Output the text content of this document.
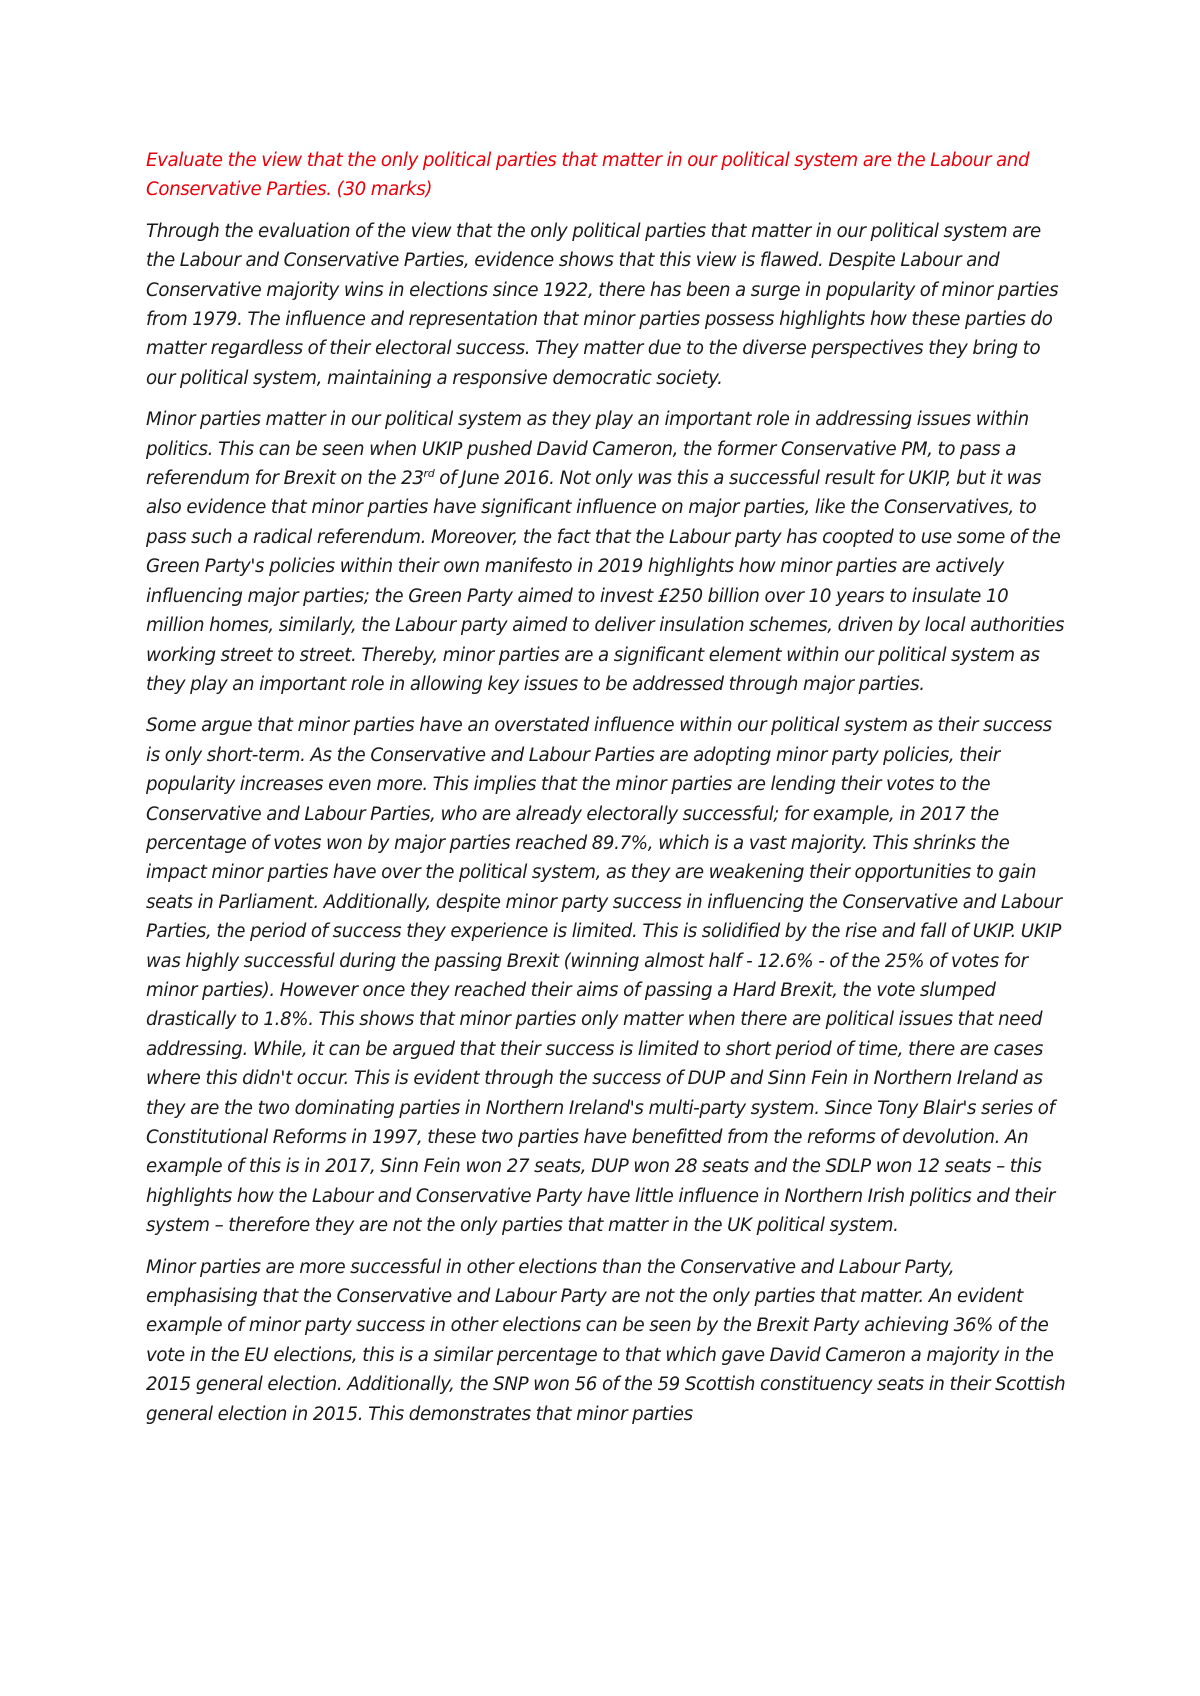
Evaluate the view that the only political parties that matter in our political system are the Labour and Conservative Parties. (30 marks)

Through the evaluation of the view that the only political parties that matter in our political system are the Labour and Conservative Parties, evidence shows that this view is flawed. Despite Labour and Conservative majority wins in elections since 1922, there has been a surge in popularity of minor parties from 1979. The influence and representation that minor parties possess highlights how these parties do matter regardless of their electoral success. They matter due to the diverse perspectives they bring to our political system, maintaining a responsive democratic society.

Minor parties matter in our political system as they play an important role in addressing issues within politics. This can be seen when UKIP pushed David Cameron, the former Conservative PM, to pass a referendum for Brexit on the 23rd of June 2016. Not only was this a successful result for UKIP, but it was also evidence that minor parties have significant influence on major parties, like the Conservatives, to pass such a radical referendum. Moreover, the fact that the Labour party has coopted to use some of the Green Party's policies within their own manifesto in 2019 highlights how minor parties are actively influencing major parties; the Green Party aimed to invest £250 billion over 10 years to insulate 10 million homes, similarly, the Labour party aimed to deliver insulation schemes, driven by local authorities working street to street. Thereby, minor parties are a significant element within our political system as they play an important role in allowing key issues to be addressed through major parties.

Some argue that minor parties have an overstated influence within our political system as their success is only short-term. As the Conservative and Labour Parties are adopting minor party policies, their popularity increases even more. This implies that the minor parties are lending their votes to the Conservative and Labour Parties, who are already electorally successful; for example, in 2017 the percentage of votes won by major parties reached 89.7%, which is a vast majority. This shrinks the impact minor parties have over the political system, as they are weakening their opportunities to gain seats in Parliament. Additionally, despite minor party success in influencing the Conservative and Labour Parties, the period of success they experience is limited. This is solidified by the rise and fall of UKIP. UKIP was highly successful during the passing Brexit (winning almost half - 12.6% - of the 25% of votes for minor parties). However once they reached their aims of passing a Hard Brexit, the vote slumped drastically to 1.8%. This shows that minor parties only matter when there are political issues that need addressing. While, it can be argued that their success is limited to short period of time, there are cases where this didn't occur. This is evident through the success of DUP and Sinn Fein in Northern Ireland as they are the two dominating parties in Northern Ireland's multi-party system. Since Tony Blair's series of Constitutional Reforms in 1997, these two parties have benefitted from the reforms of devolution. An example of this is in 2017, Sinn Fein won 27 seats, DUP won 28 seats and the SDLP won 12 seats – this highlights how the Labour and Conservative Party have little influence in Northern Irish politics and their system – therefore they are not the only parties that matter in the UK political system.

Minor parties are more successful in other elections than the Conservative and Labour Party, emphasising that the Conservative and Labour Party are not the only parties that matter. An evident example of minor party success in other elections can be seen by the Brexit Party achieving 36% of the vote in the EU elections, this is a similar percentage to that which gave David Cameron a majority in the 2015 general election. Additionally, the SNP won 56 of the 59 Scottish constituency seats in their Scottish general election in 2015. This demonstrates that minor parties
